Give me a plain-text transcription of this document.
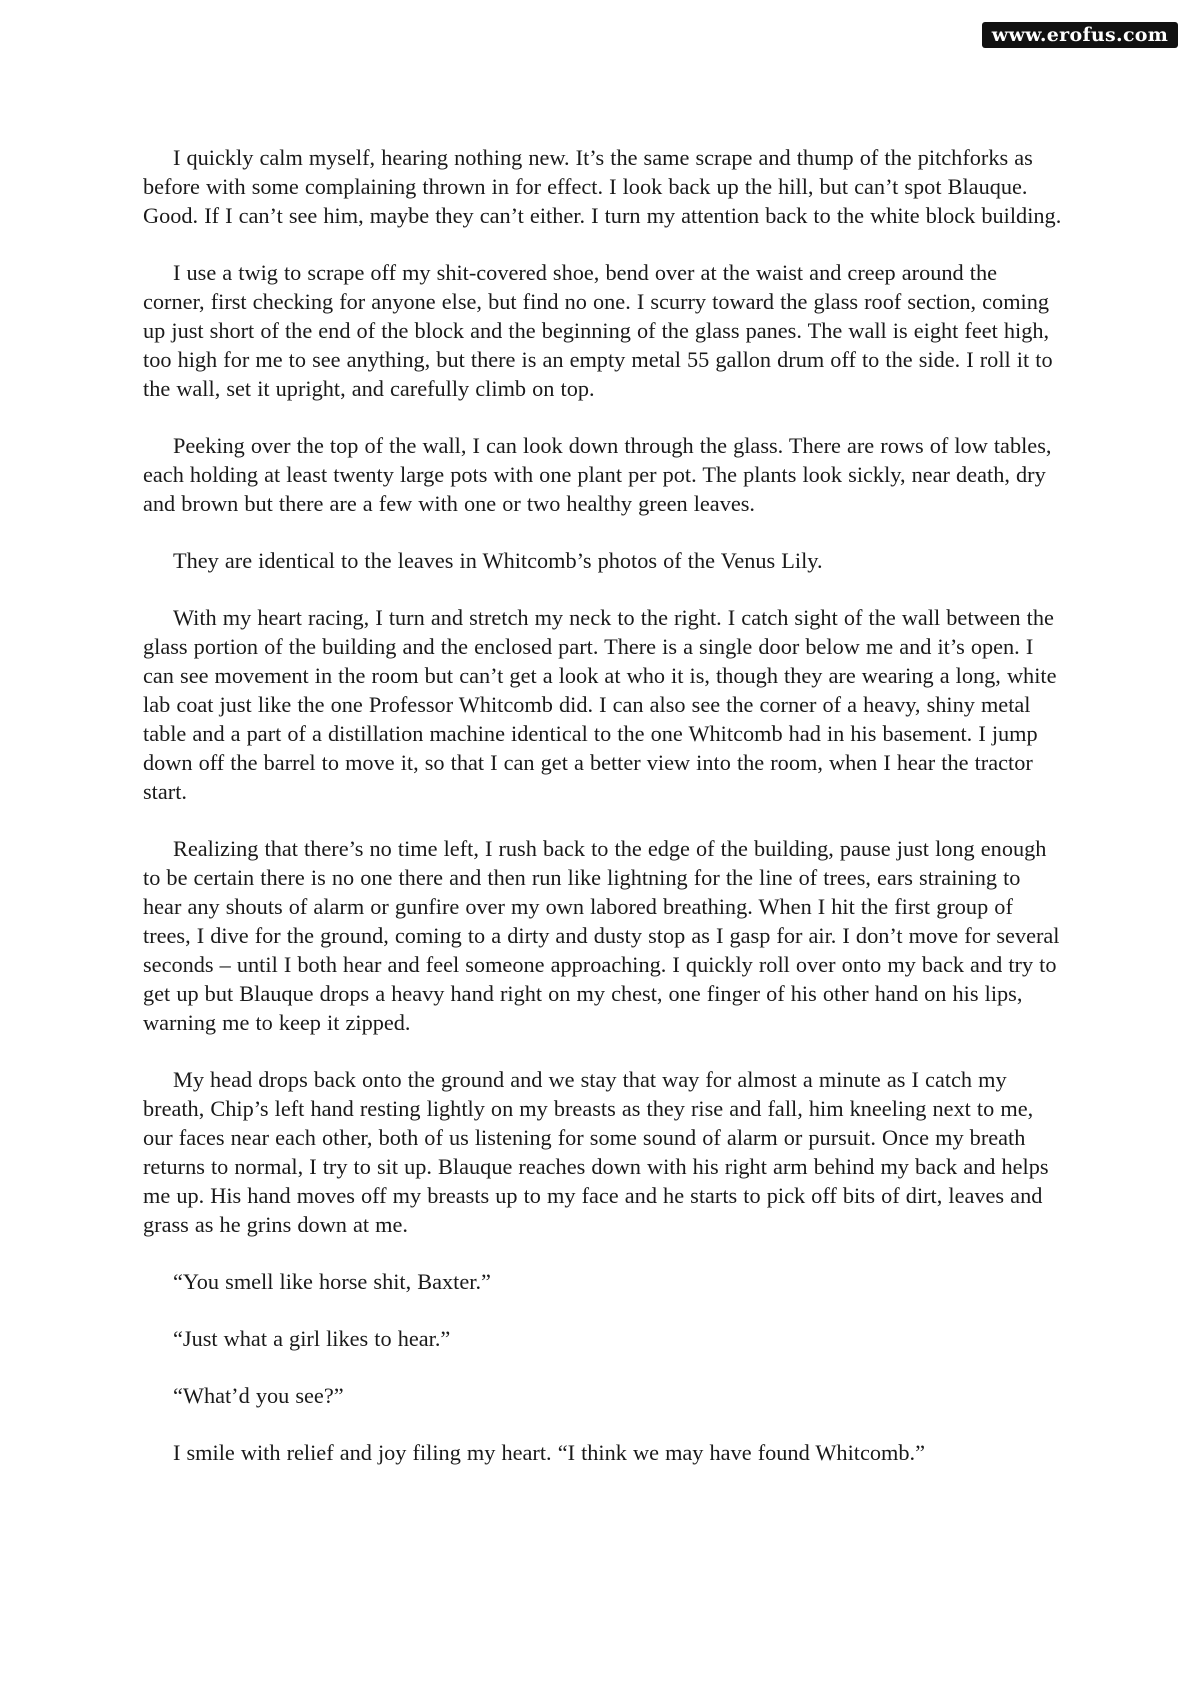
www.erofus.com

I quickly calm myself, hearing nothing new. It’s the same scrape and thump of the pitchforks as before with some complaining thrown in for effect. I look back up the hill, but can’t spot Blauque. Good. If I can’t see him, maybe they can’t either. I turn my attention back to the white block building.

I use a twig to scrape off my shit-covered shoe, bend over at the waist and creep around the corner, first checking for anyone else, but find no one. I scurry toward the glass roof section, coming up just short of the end of the block and the beginning of the glass panes. The wall is eight feet high, too high for me to see anything, but there is an empty metal 55 gallon drum off to the side. I roll it to the wall, set it upright, and carefully climb on top.

Peeking over the top of the wall, I can look down through the glass. There are rows of low tables, each holding at least twenty large pots with one plant per pot. The plants look sickly, near death, dry and brown but there are a few with one or two healthy green leaves.

They are identical to the leaves in Whitcomb’s photos of the Venus Lily.

With my heart racing, I turn and stretch my neck to the right. I catch sight of the wall between the glass portion of the building and the enclosed part. There is a single door below me and it’s open. I can see movement in the room but can’t get a look at who it is, though they are wearing a long, white lab coat just like the one Professor Whitcomb did. I can also see the corner of a heavy, shiny metal table and a part of a distillation machine identical to the one Whitcomb had in his basement. I jump down off the barrel to move it, so that I can get a better view into the room, when I hear the tractor start.

Realizing that there’s no time left, I rush back to the edge of the building, pause just long enough to be certain there is no one there and then run like lightning for the line of trees, ears straining to hear any shouts of alarm or gunfire over my own labored breathing. When I hit the first group of trees, I dive for the ground, coming to a dirty and dusty stop as I gasp for air. I don’t move for several seconds – until I both hear and feel someone approaching. I quickly roll over onto my back and try to get up but Blauque drops a heavy hand right on my chest, one finger of his other hand on his lips, warning me to keep it zipped.

My head drops back onto the ground and we stay that way for almost a minute as I catch my breath, Chip’s left hand resting lightly on my breasts as they rise and fall, him kneeling next to me, our faces near each other, both of us listening for some sound of alarm or pursuit. Once my breath returns to normal, I try to sit up. Blauque reaches down with his right arm behind my back and helps me up. His hand moves off my breasts up to my face and he starts to pick off bits of dirt, leaves and grass as he grins down at me.

“You smell like horse shit, Baxter.”

“Just what a girl likes to hear.”

“What’d you see?”

I smile with relief and joy filing my heart. “I think we may have found Whitcomb.”
